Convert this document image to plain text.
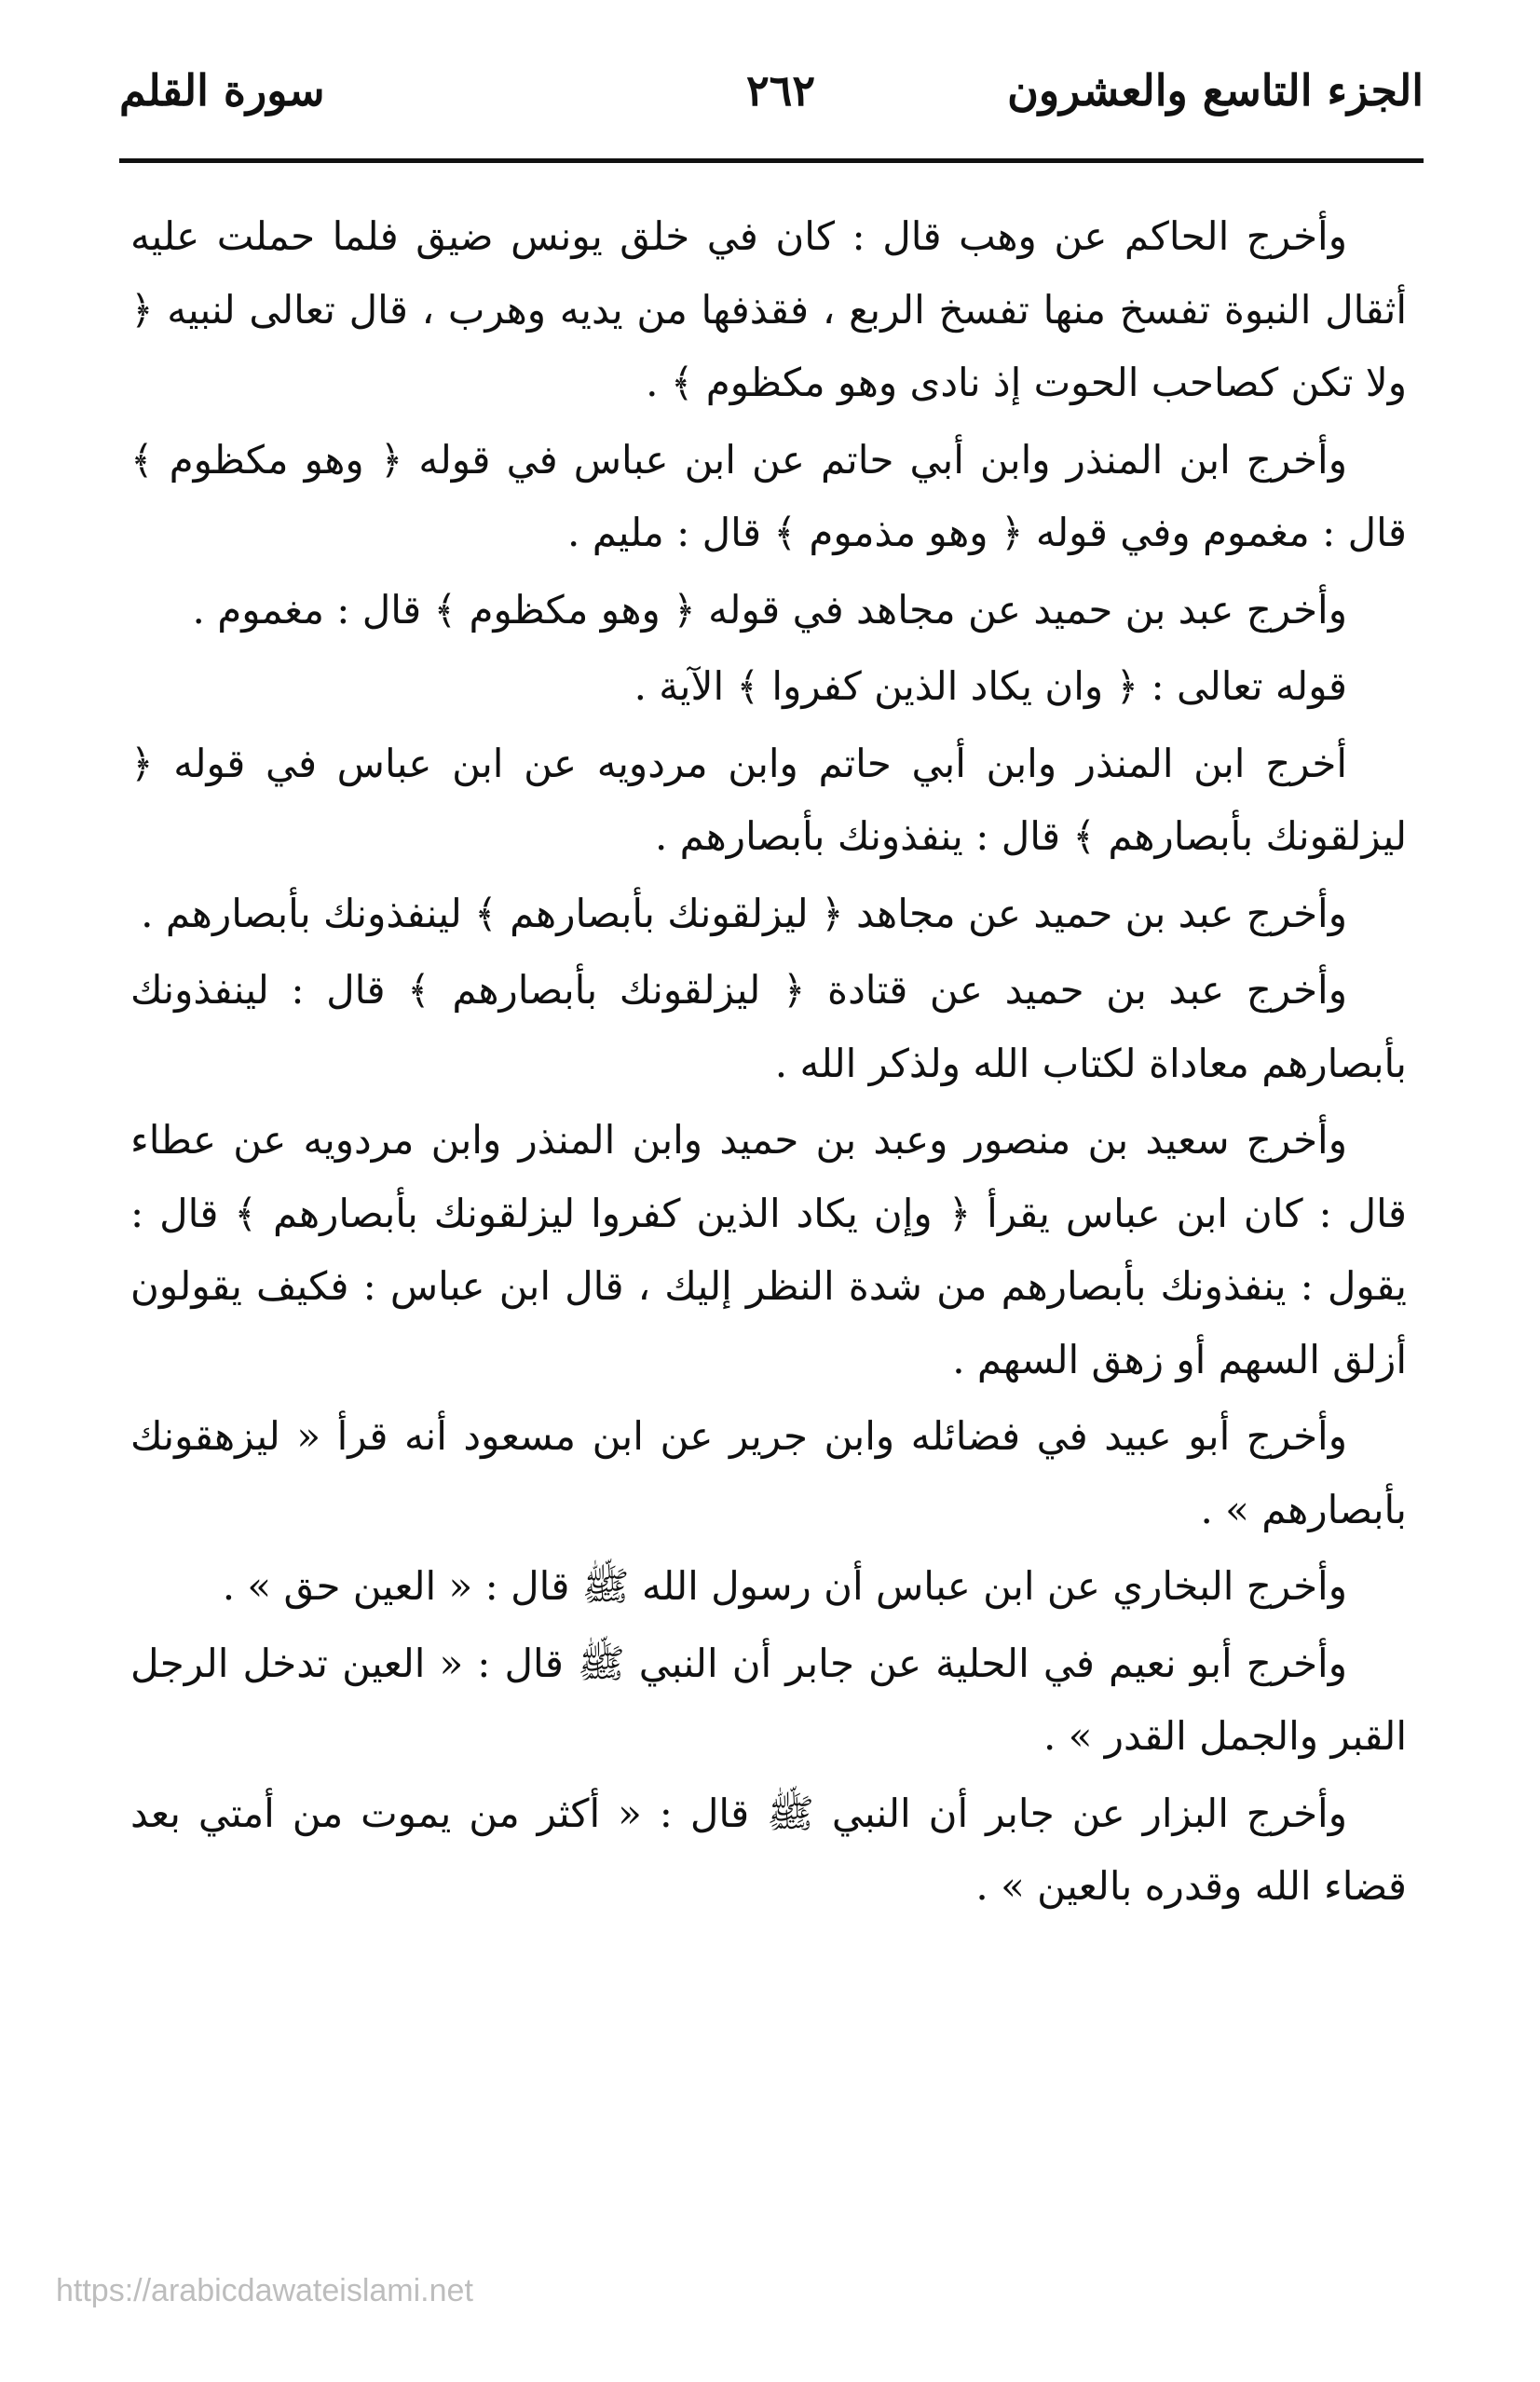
الجزء التاسع والعشرون
٢٦٢
سورة القلم

وأخرج الحاكم عن وهب قال : كان في خلق يونس ضيق فلما حملت عليه أثقال النبوة تفسخ منها تفسخ الربع ، فقذفها من يديه وهرب ، قال تعالى لنبيه ﴿ ولا تكن كصاحب الحوت إذ نادى وهو مكظوم ﴾ .

وأخرج ابن المنذر وابن أبي حاتم عن ابن عباس في قوله ﴿ وهو مكظوم ﴾ قال : مغموم وفي قوله ﴿ وهو مذموم ﴾ قال : مليم .

وأخرج عبد بن حميد عن مجاهد في قوله ﴿ وهو مكظوم ﴾ قال : مغموم .

قوله تعالى : ﴿ وان يكاد الذين كفروا ﴾ الآية .

أخرج ابن المنذر وابن أبي حاتم وابن مردويه عن ابن عباس في قوله ﴿ ليزلقونك بأبصارهم ﴾ قال : ينفذونك بأبصارهم .

وأخرج عبد بن حميد عن مجاهد ﴿ ليزلقونك بأبصارهم ﴾ لينفذونك بأبصارهم .

وأخرج عبد بن حميد عن قتادة ﴿ ليزلقونك بأبصارهم ﴾ قال : لينفذونك بأبصارهم معاداة لكتاب الله ولذكر الله .

وأخرج سعيد بن منصور وعبد بن حميد وابن المنذر وابن مردويه عن عطاء قال : كان ابن عباس يقرأ ﴿ وإن يكاد الذين كفروا ليزلقونك بأبصارهم ﴾ قال : يقول : ينفذونك بأبصارهم من شدة النظر إليك ، قال ابن عباس : فكيف يقولون أزلق السهم أو زهق السهم .

وأخرج أبو عبيد في فضائله وابن جرير عن ابن مسعود أنه قرأ « ليزهقونك بأبصارهم » .

وأخرج البخاري عن ابن عباس أن رسول الله ﷺ قال : « العين حق » .

وأخرج أبو نعيم في الحلية عن جابر أن النبي ﷺ قال : « العين تدخل الرجل القبر والجمل القدر » .

وأخرج البزار عن جابر أن النبي ﷺ قال : « أكثر من يموت من أمتي بعد قضاء الله وقدره بالعين » .

https://arabicdawateislami.net
